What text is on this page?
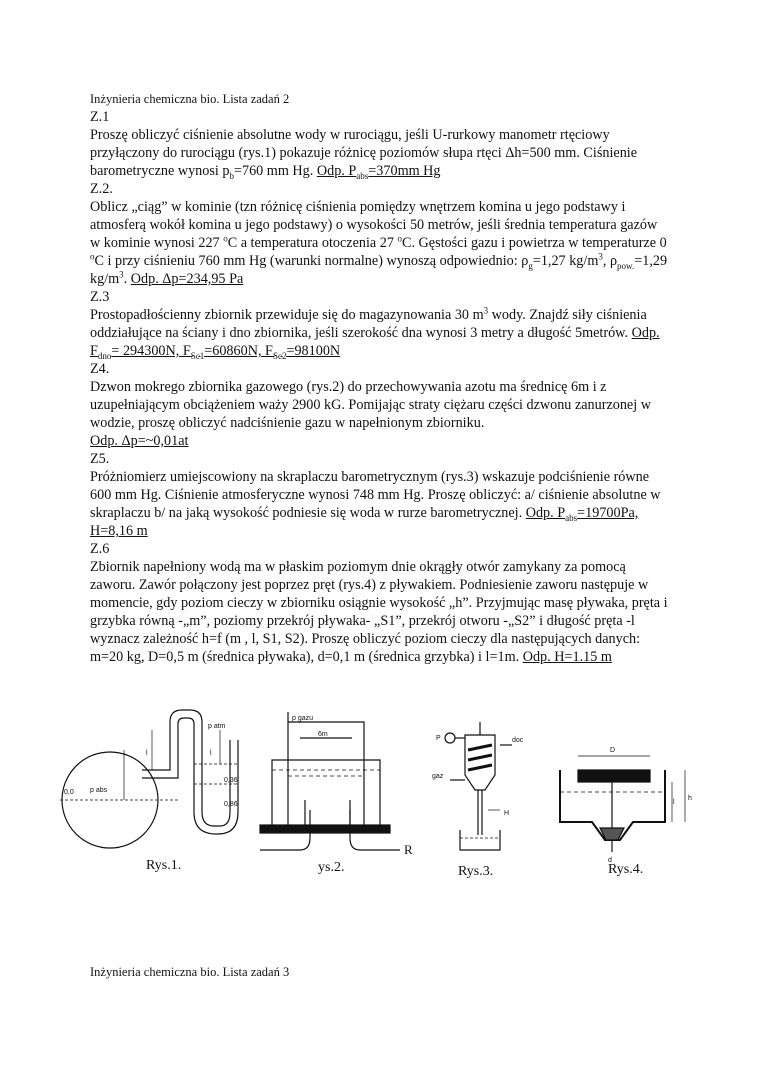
Inżynieria chemiczna bio. Lista zadań 2

Z.1

Proszę obliczyć ciśnienie absolutne wody w rurociągu, jeśli U-rurkowy manometr rtęciowy przyłączony do rurociągu (rys.1) pokazuje różnicę poziomów słupa rtęci Δh=500 mm. Ciśnienie barometryczne wynosi $p_b=760$ mm Hg. Odp. $P_{abs}=370mm$ Hg

Z.2.

Oblicz „ciąg” w kominie (tzn różnicę ciśnienia pomiędzy wnętrzem komina u jego podstawy i atmosferą wokół komina u jego podstawy) o wysokości 50 metrów, jeśli średnia temperatura gazów w kominie wynosi 227 $^o$C a temperatura otoczenia 27 $^o$C. Gęstości gazu i powietrza w temperaturze 0 $^o$C i przy ciśnieniu 760 mm Hg (warunki normalne) wynoszą odpowiednio: $\rho_g=1,27$ $kg/m^3$, $\rho_{pow.}=1,29$ $kg/m^3$. Odp. Δp=234,95 Pa

Z.3

Prostopadłościenny zbiornik przewiduje się do magazynowania 30 $m^3$ wody. Znajdź siły ciśnienia oddziałujące na ściany i dno zbiornika, jeśli szerokość dna wynosi 3 metry a długość 5metrów. Odp. $F_{dno}= 294300N$, $F_{Sc1}=60860N$, $F_{Sc2}=98100N$

Z4.

Dzwon mokrego zbiornika gazowego (rys.2) do przechowywania azotu ma średnicę 6m i z uzupełniającym obciążeniem waży 2900 kG. Pomijając straty ciężaru części dzwonu zanurzonej w wodzie, proszę obliczyć nadciśnienie gazu w napełnionym zbiorniku.

Odp. Δp=~0,01at

Z5.

Próżniomierz umiejscowiony na skraplaczu barometrycznym (rys.3) wskazuje podciśnienie równe 600 mm Hg. Ciśnienie atmosferyczne wynosi 748 mm Hg. Proszę obliczyć: a/ ciśnienie absolutne w skraplaczu b/ na jaką wysokość podniesie się woda w rurze barometrycznej. Odp. $P_{abs}=19700Pa$, H=8,16 m

Z.6

Zbiornik napełniony wodą ma w płaskim poziomym dnie okrągły otwór zamykany za pomocą zaworu. Zawór połączony jest poprzez pręt (rys.4) z pływakiem. Podniesienie zaworu następuje w momencie, gdy poziom cieczy w zbiorniku osiągnie wysokość „h”. Przyjmując masę pływaka, pręta i grzybka równą -„m”, poziomy przekrój pływaka- „S1”, przekrój otworu -„S2” i długość pręta -l wyznacz zależność h=f (m , l, S1, S2). Proszę obliczyć poziom cieczy dla następujących danych: m=20 kg, D=0,5 m (średnica pływaka), d=0,1 m (średnica grzybka) i l=1m. Odp. H=1.15 m

p atm
p abs
l	l
0,36
0,86
0,0
p gazu
6m
P	doc
gaz
H
D
l
h
d
R
Rys.1.	ys.2.	Rys.3.	Rys.4.
Inżynieria chemiczna bio. Lista zadań 3
